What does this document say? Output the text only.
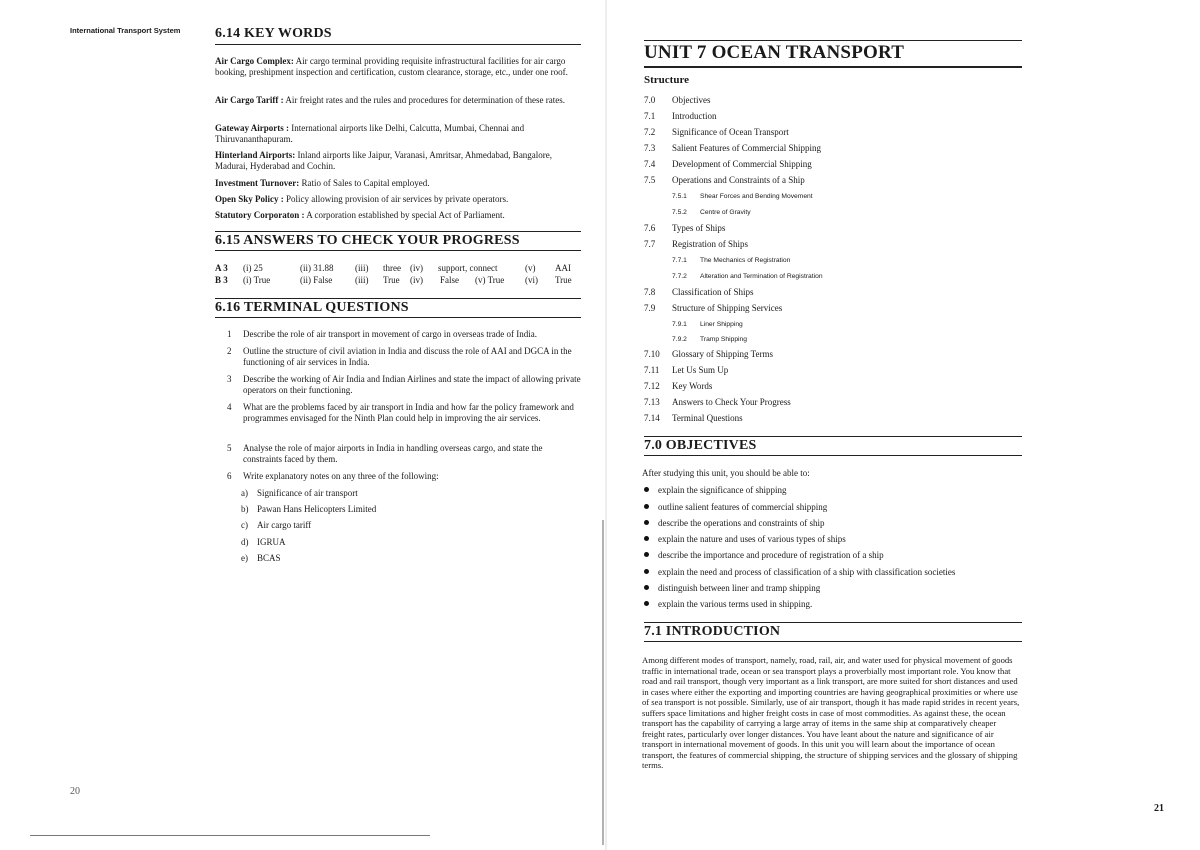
International Transport System	6.14 KEY WORDS
Air Cargo Complex: Air cargo terminal providing requisite infrastructural facilities for air cargo booking, preshipment inspection and certification, custom clearance, storage, etc., under one roof.
Air Cargo Tariff : Air freight rates and the rules and procedures for determination of these rates.
Gateway Airports : International airports like Delhi, Calcutta, Mumbai, Chennai and Thiruvananthapuram.
Hinterland Airports: Inland airports like Jaipur, Varanasi, Amritsar, Ahmedabad, Bangalore, Madurai, Hyderabad and Cochin.
Investment Turnover: Ratio of Sales to Capital employed.
Open Sky Policy : Policy allowing provision of air services by private operators.
Statutory Corporaton : A corporation established by special Act of Parliament.
6.15 ANSWERS TO CHECK YOUR PROGRESS
A 3 (i) 25	(ii) 31.88 (iii) three (iv) support, connect	(v) AAI
B 3 (i) True	(ii) False	(iii) True (iv) False (v) True (vi) True
6.16 TERMINAL QUESTIONS
1 Describe the role of air transport in movement of cargo in overseas trade of India.
2 Outline the structure of civil aviation in India and discuss the role of AAI and DGCA in the functioning of air services in India.
3 Describe the working of Air India and Indian Airlines and state the impact of allowing private operators on their functioning.
4 What are the problems faced by air transport in India and how far the policy framework and programmes envisaged for the Ninth Plan could help in improving the air services.
5 Analyse the role of major airports in India in handling overseas cargo, and state the constraints faced by them.
6 Write explanatory notes on any three of the following:
a) Significance of air transport
b) Pawan Hans Helicopters Limited
c) Air cargo tariff
d) IGRUA
e) BCAS
20
UNIT 7 OCEAN TRANSPORT
Structure
7.0 Objectives
7.1 Introduction
7.2 Significance of Ocean Transport
7.3 Salient Features of Commercial Shipping
7.4 Development of Commercial Shipping
7.5 Operations and Constraints of a Ship
7.5.1 Shear Forces and Bending Movement
7.5.2 Centre of Gravity
7.6 Types of Ships
7.7 Registration of Ships
7.7.1 The Mechanics of Registration
7.7.2 Alteration and Termination of Registration
7.8 Classification of Ships
7.9 Structure of Shipping Services
7.9.1 Liner Shipping
7.9.2 Tramp Shipping
7.10 Glossary of Shipping Terms
7.11 Let Us Sum Up
7.12 Key Words
7.13 Answers to Check Your Progress
7.14 Terminal Questions
7.0 OBJECTIVES
After studying this unit, you should be able to:
explain the significance of shipping
outline salient features of commercial shipping
describe the operations and constraints of ship
explain the nature and uses of various types of ships
describe the importance and procedure of registration of a ship
explain the need and process of classification of a ship with classification societies
distinguish between liner and tramp shipping
explain the various terms used in shipping.
7.1 INTRODUCTION
Among different modes of transport, namely, road, rail, air, and water used for physical movement of goods traffic in international trade, ocean or sea transport plays a proverbially most important role. You know that road and rail transport, though very important as a link transport, are more suited for short distances and used in cases where either the exporting and importing countries are having geographical proximities or where use of sea transport is not possible. Similarly, use of air transport, though it has made rapid strides in recent years, suffers space limitations and higher freight costs in case of most commodities. As against these, the ocean transport has the capability of carrying a large array of items in the same ship at comparatively cheaper freight rates, particularly over longer distances. You have leant about the nature and significance of air transport in international movement of goods. In this unit you will learn about the importance of ocean transport, the features of commercial shipping, the structure of shipping services and the glossary of shipping terms.
21
